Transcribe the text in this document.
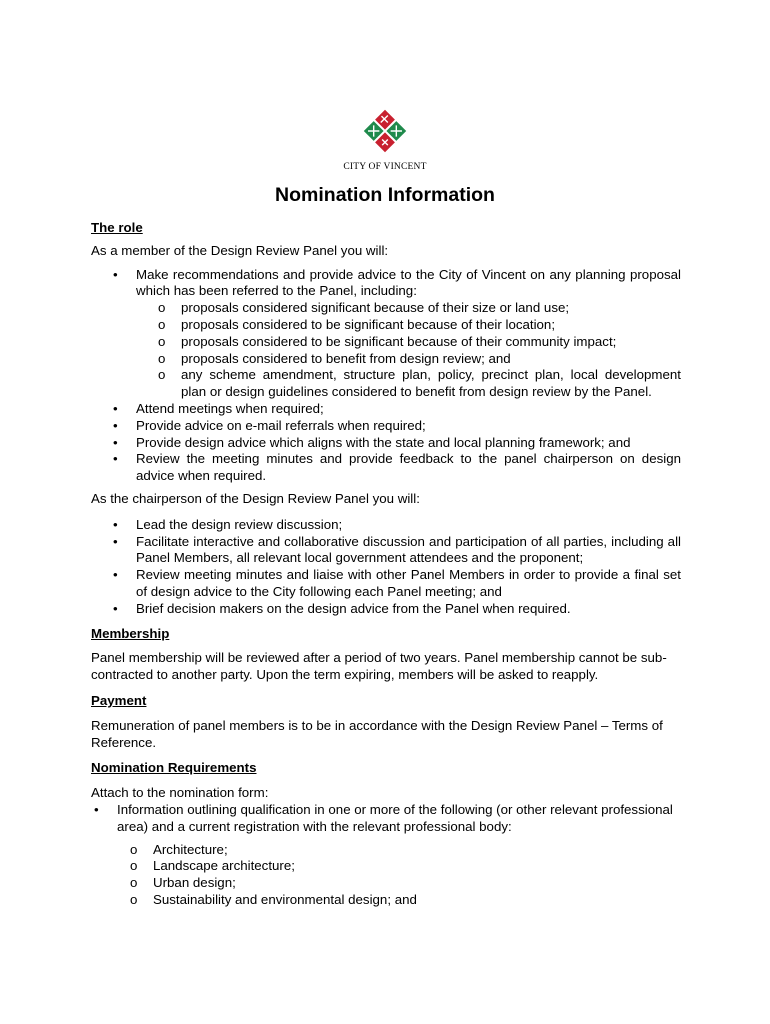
CITY OF VINCENT
Nomination Information
The role

As a member of the Design Review Panel you will:

• Make recommendations and provide advice to the City of Vincent on any planning proposal which has been referred to the Panel, including:
o proposals considered significant because of their size or land use;
o proposals considered to be significant because of their location;
o proposals considered to be significant because of their community impact;
o proposals considered to benefit from design review; and
o any scheme amendment, structure plan, policy, precinct plan, local development plan or design guidelines considered to benefit from design review by the Panel.
• Attend meetings when required;
• Provide advice on e-mail referrals when required;
• Provide design advice which aligns with the state and local planning framework; and
• Review the meeting minutes and provide feedback to the panel chairperson on design advice when required.

As the chairperson of the Design Review Panel you will:

• Lead the design review discussion;
• Facilitate interactive and collaborative discussion and participation of all parties, including all Panel Members, all relevant local government attendees and the proponent;
• Review meeting minutes and liaise with other Panel Members in order to provide a final set of design advice to the City following each Panel meeting; and
• Brief decision makers on the design advice from the Panel when required.
Membership

Panel membership will be reviewed after a period of two years. Panel membership cannot be sub-contracted to another party. Upon the term expiring, members will be asked to reapply.

Payment

Remuneration of panel members is to be in accordance with the Design Review Panel – Terms of Reference.

Nomination Requirements

Attach to the nomination form:

• Information outlining qualification in one or more of the following (or other relevant professional area) and a current registration with the relevant professional body:
o Architecture;
o Landscape architecture;
o Urban design;
o Sustainability and environmental design; and
